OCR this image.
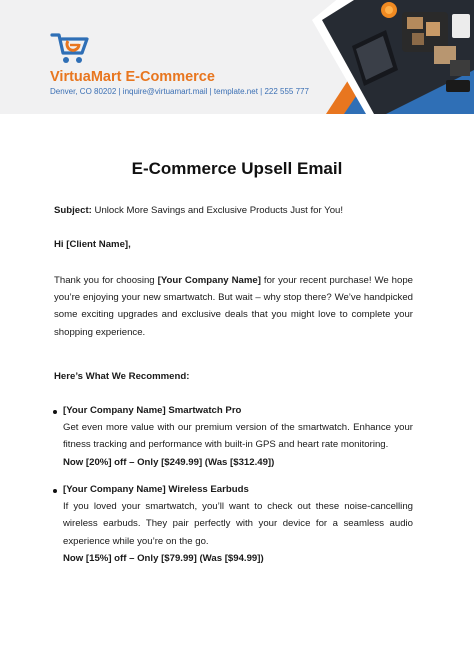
VirtuaMart E-Commerce
Denver, CO 80202 | inquire@virtuamart.mail | template.net | 222 555 777
E-Commerce Upsell Email
Subject: Unlock More Savings and Exclusive Products Just for You!
Hi [Client Name],
Thank you for choosing [Your Company Name] for your recent purchase! We hope you’re enjoying your new smartwatch. But wait – why stop there? We’ve handpicked some exciting upgrades and exclusive deals that you might love to complete your shopping experience.
Here’s What We Recommend:
[Your Company Name] Smartwatch Pro
Get even more value with our premium version of the smartwatch. Enhance your fitness tracking and performance with built-in GPS and heart rate monitoring.
Now [20%] off – Only [$249.99] (Was [$312.49])
[Your Company Name] Wireless Earbuds
If you loved your smartwatch, you’ll want to check out these noise-cancelling wireless earbuds. They pair perfectly with your device for a seamless audio experience while you’re on the go.
Now [15%] off – Only [$79.99] (Was [$94.99])
